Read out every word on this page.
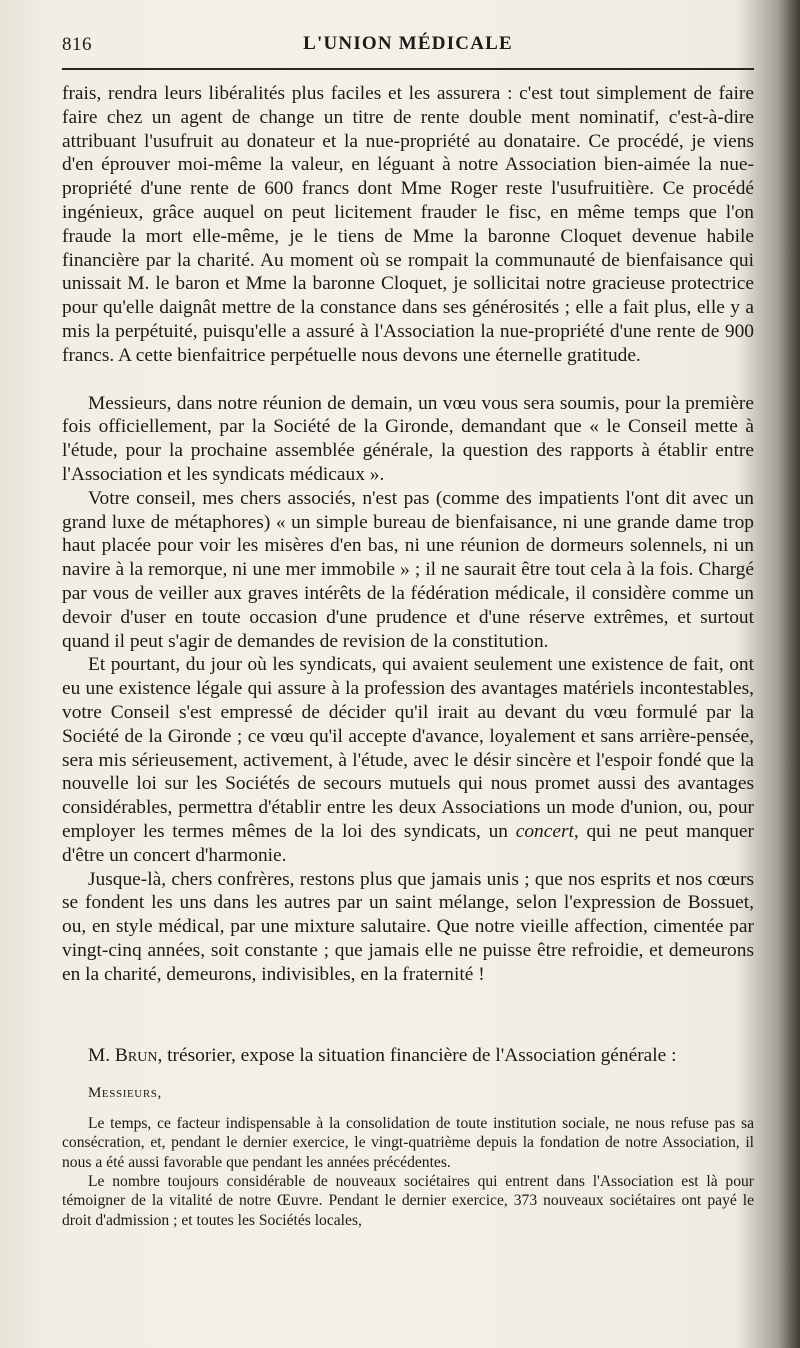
816	L'UNION MÉDICALE

frais, rendra leurs libéralités plus faciles et les assurera : c'est tout simplement de faire faire chez un agent de change un titre de rente double ment nominatif, c'est-à-dire attribuant l'usufruit au donateur et la nue-propriété au donataire. Ce procédé, je viens d'en éprouver moi-même la valeur, en léguant à notre Association bien-aimée la nue-propriété d'une rente de 600 francs dont Mme Roger reste l'usufruitière. Ce procédé ingénieux, grâce auquel on peut licitement frauder le fisc, en même temps que l'on fraude la mort elle-même, je le tiens de Mme la baronne Cloquet devenue habile financière par la charité. Au moment où se rompait la communauté de bienfaisance qui unissait M. le baron et Mme la baronne Cloquet, je sollicitai notre gracieuse protectrice pour qu'elle daignât mettre de la constance dans ses générosités ; elle a fait plus, elle y a mis la perpétuité, puisqu'elle a assuré à l'Association la nue-propriété d'une rente de 900 francs. A cette bienfaitrice perpétuelle nous devons une éternelle gratitude.

Messieurs, dans notre réunion de demain, un vœu vous sera soumis, pour la première fois officiellement, par la Société de la Gironde, demandant que « le Conseil mette à l'étude, pour la prochaine assemblée générale, la question des rapports à établir entre l'Association et les syndicats médicaux ».

Votre conseil, mes chers associés, n'est pas (comme des impatients l'ont dit avec un grand luxe de métaphores) « un simple bureau de bienfaisance, ni une grande dame trop haut placée pour voir les misères d'en bas, ni une réunion de dormeurs solennels, ni un navire à la remorque, ni une mer immobile » ; il ne saurait être tout cela à la fois. Chargé par vous de veiller aux graves intérêts de la fédération médicale, il considère comme un devoir d'user en toute occasion d'une prudence et d'une réserve extrêmes, et surtout quand il peut s'agir de demandes de revision de la constitution.

Et pourtant, du jour où les syndicats, qui avaient seulement une existence de fait, ont eu une existence légale qui assure à la profession des avantages matériels incontestables, votre Conseil s'est empressé de décider qu'il irait au devant du vœu formulé par la Société de la Gironde ; ce vœu qu'il accepte d'avance, loyalement et sans arrière-pensée, sera mis sérieusement, activement, à l'étude, avec le désir sincère et l'espoir fondé que la nouvelle loi sur les Sociétés de secours mutuels qui nous promet aussi des avantages considérables, permettra d'établir entre les deux Associations un mode d'union, ou, pour employer les termes mêmes de la loi des syndicats, un concert, qui ne peut manquer d'être un concert d'harmonie.

Jusque-là, chers confrères, restons plus que jamais unis ; que nos esprits et nos cœurs se fondent les uns dans les autres par un saint mélange, selon l'expression de Bossuet, ou, en style médical, par une mixture salutaire. Que notre vieille affection, cimentée par vingt-cinq années, soit constante ; que jamais elle ne puisse être refroidie, et demeurons en la charité, demeurons, indivisibles, en la fraternité !

M. Brun, trésorier, expose la situation financière de l'Association générale :

Messieurs,

Le temps, ce facteur indispensable à la consolidation de toute institution sociale, ne nous refuse pas sa consécration, et, pendant le dernier exercice, le vingt-quatrième depuis la fondation de notre Association, il nous a été aussi favorable que pendant les années précédentes.

Le nombre toujours considérable de nouveaux sociétaires qui entrent dans l'Association est là pour témoigner de la vitalité de notre Œuvre. Pendant le dernier exercice, 373 nouveaux sociétaires ont payé le droit d'admission ; et toutes les Sociétés locales,
